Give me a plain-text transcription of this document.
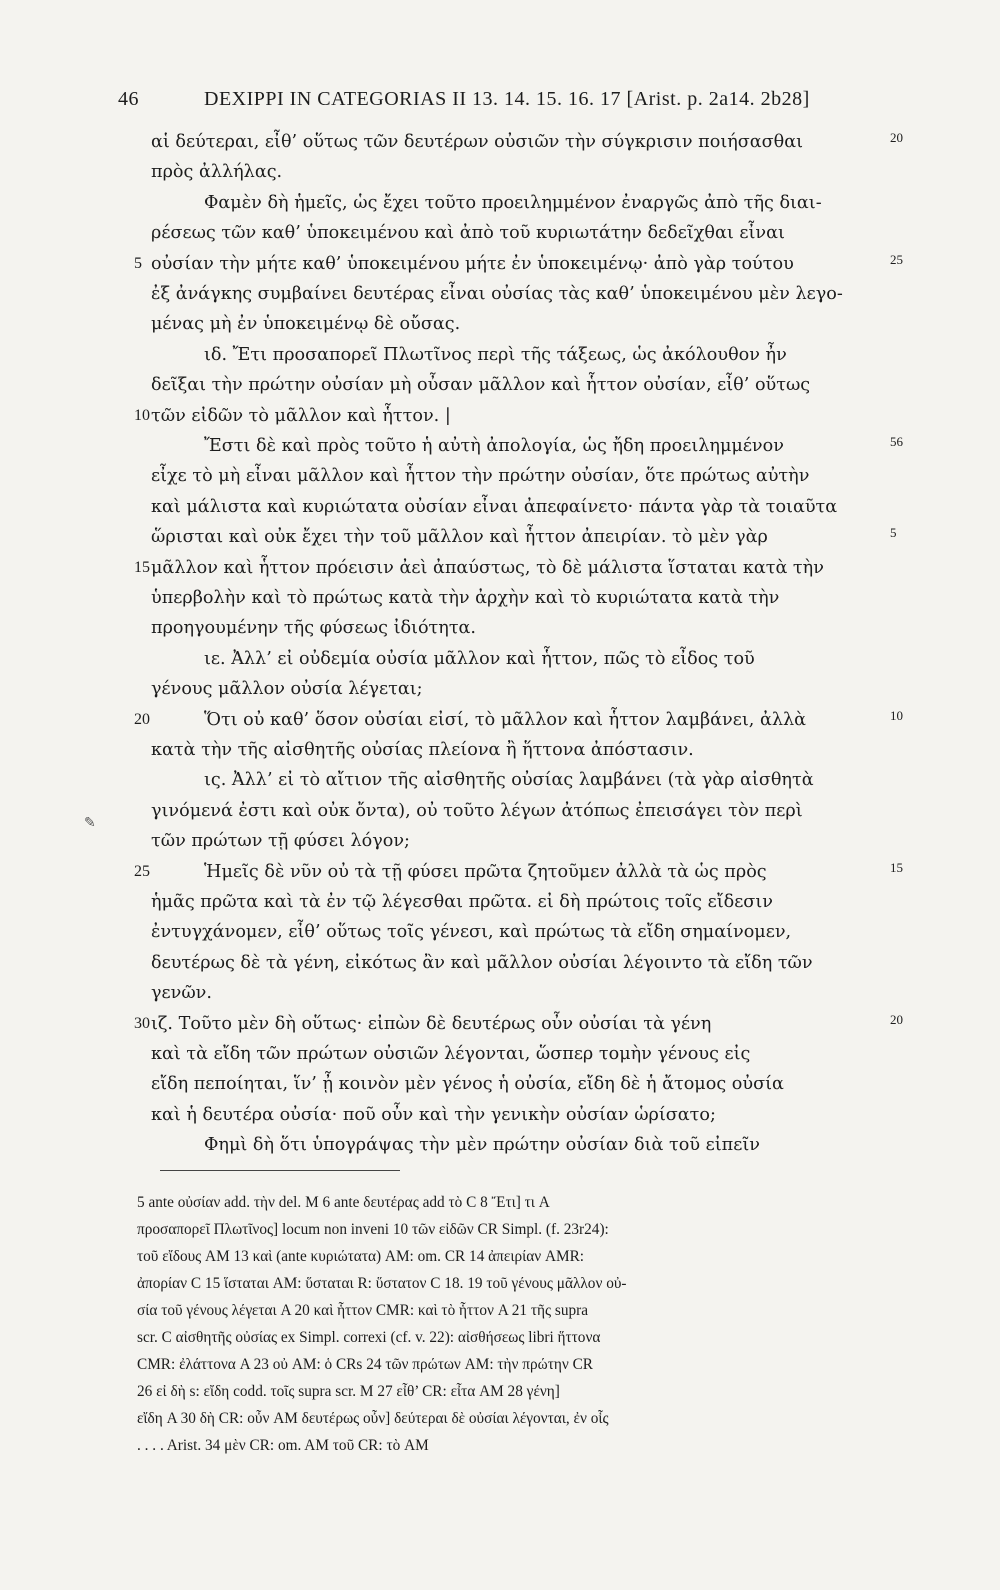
46	DEXIPPI IN CATEGORIAS II 13. 14. 15. 16. 17 [Arist. p. 2a14. 2b28]
αἱ δεύτεραι, εἶθ’ οὕτως τῶν δευτέρων οὐσιῶν τὴν σύγκρισιν ποιήσασθαι	20
πρὸς ἀλλήλας.
Φαμὲν δὴ ἡμεῖς, ὡς ἔχει τοῦτο προειλημμένον ἐναργῶς ἀπὸ τῆς διαι-
ρέσεως τῶν καθ’ ὑποκειμένου καὶ ἀπὸ τοῦ κυριωτάτην δεδεῖχθαι εἶναι
5 οὐσίαν τὴν μήτε καθ’ ὑποκειμένου μήτε ἐν ὑποκειμένῳ· ἀπὸ γὰρ τούτου	25
ἐξ ἀνάγκης συμβαίνει δευτέρας εἶναι οὐσίας τὰς καθ’ ὑποκειμένου μὲν λεγο-
μένας μὴ ἐν ὑποκειμένῳ δὲ οὔσας.
ιδ. Ἔτι προσαπορεῖ Πλωτῖνος περὶ τῆς τάξεως, ὡς ἀκόλουθον ἦν
δεῖξαι τὴν πρώτην οὐσίαν μὴ οὖσαν μᾶλλον καὶ ἧττον οὐσίαν, εἶθ’ οὕτως
10 τῶν εἰδῶν τὸ μᾶλλον καὶ ἧττον. |
Ἔστι δὲ καὶ πρὸς τοῦτο ἡ αὐτὴ ἀπολογία, ὡς ἤδη προειλημμένον	56
εἶχε τὸ μὴ εἶναι μᾶλλον καὶ ἧττον τὴν πρώτην οὐσίαν, ὅτε πρώτως αὐτὴν
καὶ μάλιστα καὶ κυριώτατα οὐσίαν εἶναι ἀπεφαίνετο· πάντα γὰρ τὰ τοιαῦτα
ὥρισται καὶ οὐκ ἔχει τὴν τοῦ μᾶλλον καὶ ἧττον ἀπειρίαν. τὸ μὲν γὰρ	5
15 μᾶλλον καὶ ἧττον πρόεισιν ἀεὶ ἀπαύστως, τὸ δὲ μάλιστα ἵσταται κατὰ τὴν
ὑπερβολὴν καὶ τὸ πρώτως κατὰ τὴν ἀρχὴν καὶ τὸ κυριώτατα κατὰ τὴν
προηγουμένην τῆς φύσεως ἰδιότητα.
ιε. Ἀλλ’ εἰ οὐδεμία οὐσία μᾶλλον καὶ ἧττον, πῶς τὸ εἶδος τοῦ
γένους μᾶλλον οὐσία λέγεται;
20	Ὅτι οὐ καθ’ ὅσον οὐσίαι εἰσί, τὸ μᾶλλον καὶ ἧττον λαμβάνει, ἀλλὰ	10
κατὰ τὴν τῆς αἰσθητῆς οὐσίας πλείονα ἢ ἥττονα ἀπόστασιν.
ις. Ἀλλ’ εἰ τὸ αἴτιον τῆς αἰσθητῆς οὐσίας λαμβάνει (τὰ γὰρ αἰσθητὰ
γινόμενά ἐστι καὶ οὐκ ὄντα), οὐ τοῦτο λέγων ἀτόπως ἐπεισάγει τὸν περὶ
τῶν πρώτων τῇ φύσει λόγον;
25	Ἡμεῖς δὲ νῦν οὐ τὰ τῇ φύσει πρῶτα ζητοῦμεν ἀλλὰ τὰ ὡς πρὸς	15
ἡμᾶς πρῶτα καὶ τὰ ἐν τῷ λέγεσθαι πρῶτα. εἰ δὴ πρώτοις τοῖς εἴδεσιν
ἐντυγχάνομεν, εἶθ’ οὕτως τοῖς γένεσι, καὶ πρώτως τὰ εἴδη σημαίνομεν,
δευτέρως δὲ τὰ γένη, εἰκότως ἂν καὶ μᾶλλον οὐσίαι λέγοιντο τὰ εἴδη τῶν
γενῶν.
30 ιζ. Τοῦτο μὲν δὴ οὕτως· εἰπὼν δὲ δευτέρως οὖν οὐσίαι τὰ γένη	20
καὶ τὰ εἴδη τῶν πρώτων οὐσιῶν λέγονται, ὥσπερ τομὴν γένους εἰς
εἴδη πεποίηται, ἵν’ ᾖ κοινὸν μὲν γένος ἡ οὐσία, εἴδη δὲ ἡ ἄτομος οὐσία
καὶ ἡ δευτέρα οὐσία· ποῦ οὖν καὶ τὴν γενικὴν οὐσίαν ὡρίσατο;
Φημὶ δὴ ὅτι ὑπογράψας τὴν μὲν πρώτην οὐσίαν διὰ τοῦ εἰπεῖν
5 ante οὐσίαν add. τὴν del. M 6 ante δευτέρας add τὸ C 8 Ἔτι] τι A
προσαπορεῖ Πλωτῖνος] locum non inveni 10 τῶν εἰδῶν CR Simpl. (f. 23r24):
τοῦ εἴδους AM 13 καὶ (ante κυριώτατα) AM: om. CR 14 ἀπειρίαν AMR:
ἀπορίαν C 15 ἵσταται AM: ὕσταται R: ὕστατον C 18. 19 τοῦ γένους μᾶλλον οὐ-
σία τοῦ γένους λέγεται A 20 καὶ ἧττον CMR: καὶ τὸ ἧττον A 21 τῆς supra
scr. C αἰσθητῆς οὐσίας ex Simpl. correxi (cf. v. 22): αἰσθήσεως libri ἥττονα
CMR: ἐλάττονα A 23 οὐ AM: ὁ CRs 24 τῶν πρώτων AM: τὴν πρώτην CR
26 εἰ δὴ s: εἴδη codd. τοῖς supra scr. M 27 εἶθ’ CR: εἶτα AM 28 γένη]
εἴδη A 30 δὴ CR: οὖν AM δευτέρως οὖν] δεύτεραι δὲ οὐσίαι λέγονται, ἐν οἷς
. . . . Arist. 34 μὲν CR: om. AM τοῦ CR: τὸ AM
✎
